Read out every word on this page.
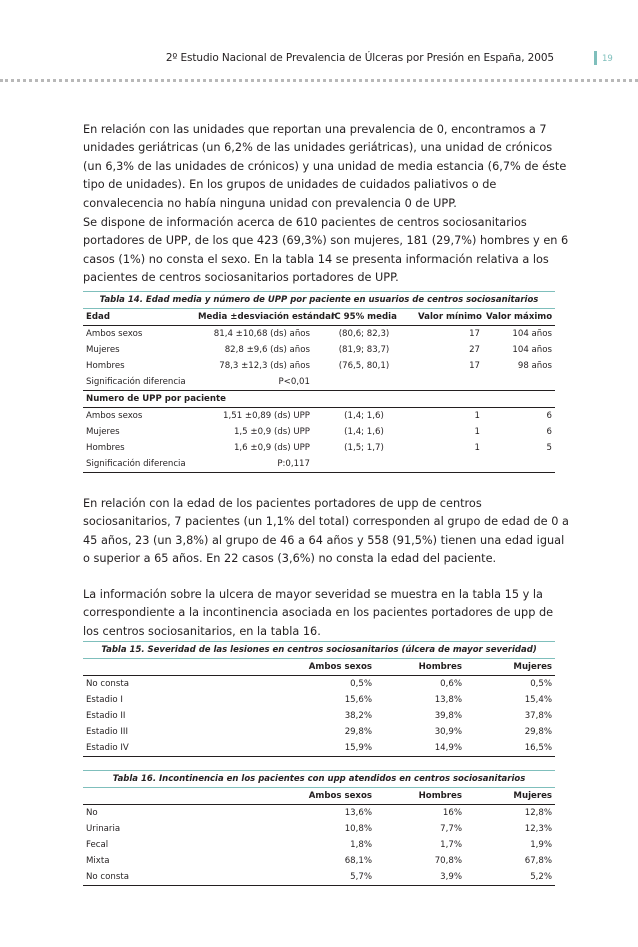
2º Estudio Nacional de Prevalencia de Úlceras por Presión en España, 2005	19

En relación con las unidades que reportan una prevalencia de 0, encontramos a 7 unidades geriátricas (un 6,2% de las unidades geriátricas), una unidad de crónicos (un 6,3% de las unidades de crónicos) y una unidad de media estancia (6,7% de éste tipo de unidades). En los grupos de unidades de cuidados paliativos o de convalecencia no había ninguna unidad con prevalencia 0 de UPP.

Se dispone de información acerca de 610 pacientes de centros sociosanitarios portadores de UPP, de los que 423 (69,3%) son mujeres, 181 (29,7%) hombres y en 6 casos (1%) no consta el sexo. En la tabla 14 se presenta información relativa a los pacientes de centros sociosanitarios portadores de UPP.

Tabla 14. Edad media y número de UPP por paciente en usuarios de centros sociosanitarios				
Edad	Media ±desviación estándar	IC 95% media	Valor mínimo	Valor máximo
Ambos sexos	81,4 ±10,68 (ds) años	(80,6; 82,3)	17	104 años
Mujeres	82,8 ±9,6 (ds) años	(81,9; 83,7)	27	104 años
Hombres	78,3 ±12,3 (ds) años	(76,5, 80,1)	17	98 años
Significación diferencia	P<0,01			
Numero de UPP por paciente				
Ambos sexos	1,51 ±0,89 (ds) UPP	(1,4; 1,6)	1	6
Mujeres	1,5 ±0,9 (ds) UPP	(1,4; 1,6)	1	6
Hombres	1,6 ±0,9 (ds) UPP	(1,5; 1,7)	1	5
Significación diferencia	P:0,117			

En relación con la edad de los pacientes portadores de upp de centros sociosanitarios, 7 pacientes (un 1,1% del total) corresponden al grupo de edad de 0 a 45 años, 23 (un 3,8%) al grupo de 46 a 64 años y 558 (91,5%) tienen una edad igual o superior a 65 años. En 22 casos (3,6%) no consta la edad del paciente.

La información sobre la ulcera de mayor severidad se muestra en la tabla 15 y la correspondiente a la incontinencia asociada en los pacientes portadores de upp de los centros sociosanitarios, en la tabla 16.

Tabla 15. Severidad de las lesiones en centros sociosanitarios (úlcera de mayor severidad)			
	Ambos sexos	Hombres	Mujeres
No consta	0,5%	0,6%	0,5%
Estadio I	15,6%	13,8%	15,4%
Estadio II	38,2%	39,8%	37,8%
Estadio III	29,8%	30,9%	29,8%
Estadio IV	15,9%	14,9%	16,5%
Tabla 16. Incontinencia en los pacientes con upp atendidos en centros sociosanitarios			
	Ambos sexos	Hombres	Mujeres
No	13,6%	16%	12,8%
Urinaria	10,8%	7,7%	12,3%
Fecal	1,8%	1,7%	1,9%
Mixta	68,1%	70,8%	67,8%
No consta	5,7%	3,9%	5,2%
